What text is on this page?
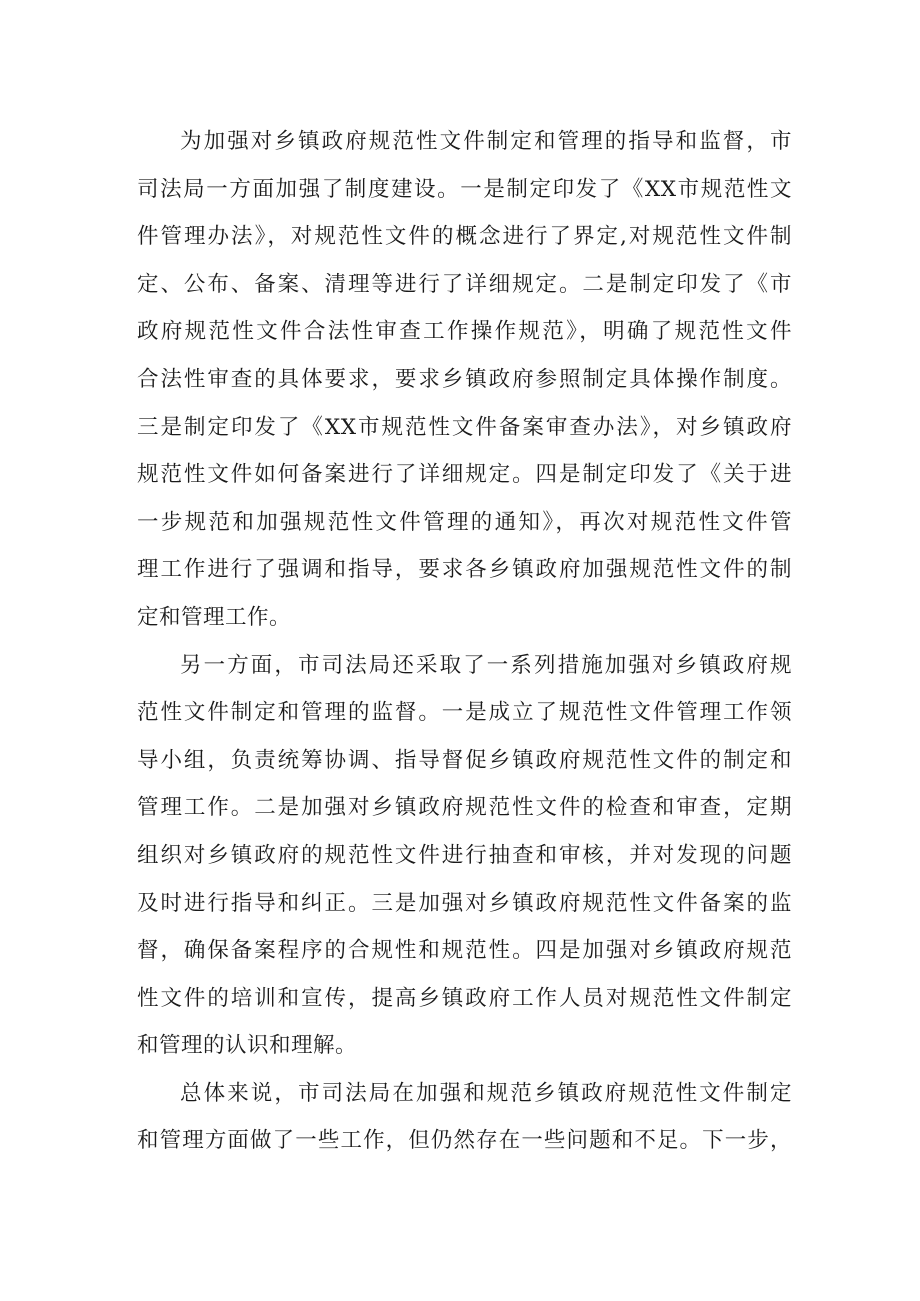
为加强对乡镇政府规范性文件制定和管理的指导和监督，市
司法局一方面加强了制度建设。一是制定印发了《XX市规范性文
件管理办法》，对规范性文件的概念进行了界定,对规范性文件制
定、公布、备案、清理等进行了详细规定。二是制定印发了《市
政府规范性文件合法性审查工作操作规范》，明确了规范性文件
合法性审查的具体要求，要求乡镇政府参照制定具体操作制度。
三是制定印发了《XX市规范性文件备案审查办法》，对乡镇政府
规范性文件如何备案进行了详细规定。四是制定印发了《关于进
一步规范和加强规范性文件管理的通知》，再次对规范性文件管
理工作进行了强调和指导，要求各乡镇政府加强规范性文件的制
定和管理工作。
另一方面，市司法局还采取了一系列措施加强对乡镇政府规
范性文件制定和管理的监督。一是成立了规范性文件管理工作领
导小组，负责统筹协调、指导督促乡镇政府规范性文件的制定和
管理工作。二是加强对乡镇政府规范性文件的检查和审查，定期
组织对乡镇政府的规范性文件进行抽查和审核，并对发现的问题
及时进行指导和纠正。三是加强对乡镇政府规范性文件备案的监
督，确保备案程序的合规性和规范性。四是加强对乡镇政府规范
性文件的培训和宣传，提高乡镇政府工作人员对规范性文件制定
和管理的认识和理解。
总体来说，市司法局在加强和规范乡镇政府规范性文件制定
和管理方面做了一些工作，但仍然存在一些问题和不足。下一步，
